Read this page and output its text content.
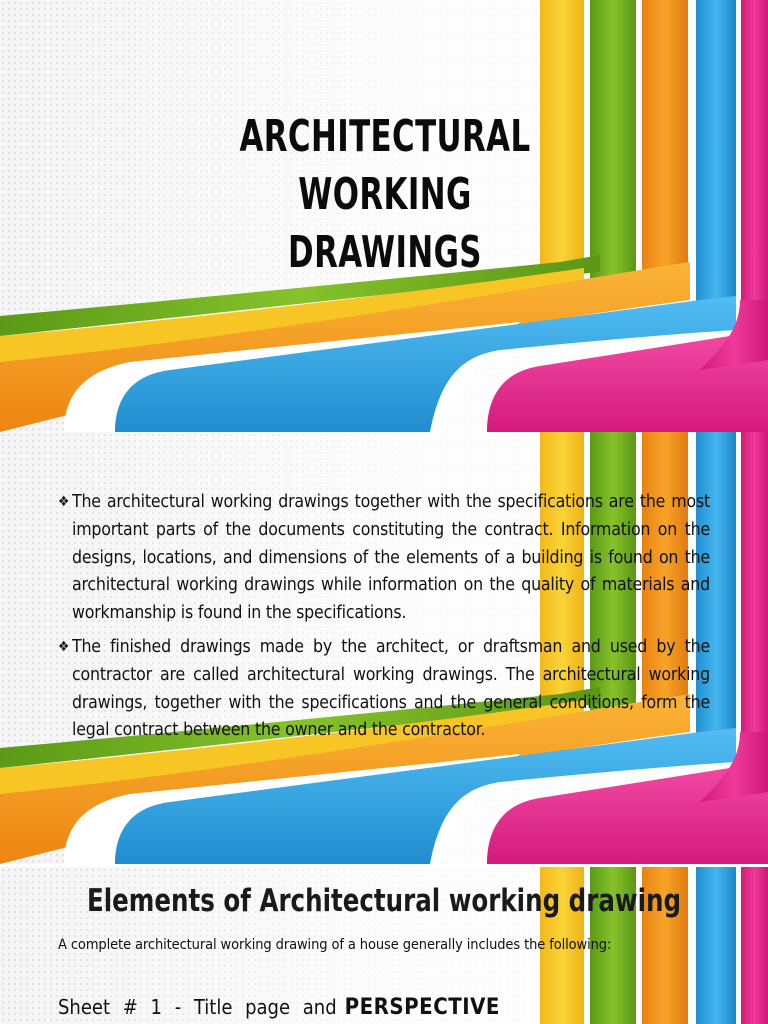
ARCHITECTURAL WORKING
DRAWINGS
❖ The architectural working drawings together with the specifications are the most important parts of the documents constituting the contract. Information on the designs, locations, and dimensions of the elements of a building is found on the architectural working drawings while information on the quality of materials and workmanship is found in the specifications.
❖ The finished drawings made by the architect, or draftsman and used by the contractor are called architectural working drawings. The architectural working drawings, together with the specifications and the general conditions, form the legal contract between the owner and the contractor.
Elements of Architectural working drawing
A complete architectural working drawing of a house generally includes the following:
Sheet # 1 - Title page and PERSPECTIVE
